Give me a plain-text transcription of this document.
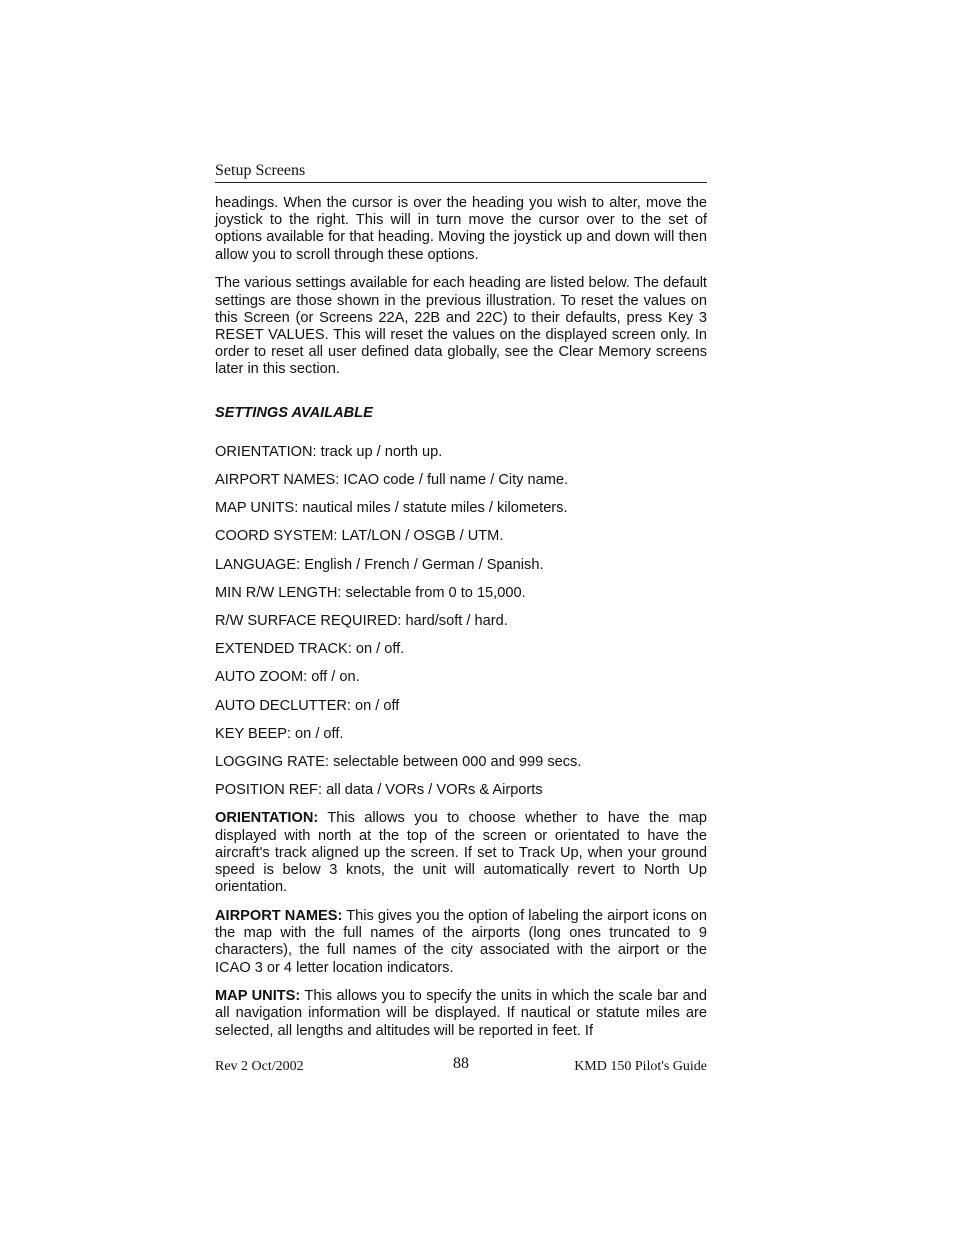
Setup Screens

headings. When the cursor is over the heading you wish to alter, move the joystick to the right. This will in turn move the cursor over to the set of options available for that heading. Moving the joystick up and down will then allow you to scroll through these options.

The various settings available for each heading are listed below. The default settings are those shown in the previous illustration. To reset the values on this Screen (or Screens 22A, 22B and 22C) to their defaults, press Key 3 RESET VALUES. This will reset the values on the displayed screen only. In order to reset all user defined data globally, see the Clear Memory screens later in this section.

SETTINGS AVAILABLE

ORIENTATION: track up / north up.

AIRPORT NAMES: ICAO code / full name / City name.

MAP UNITS: nautical miles / statute miles / kilometers.

COORD SYSTEM: LAT/LON / OSGB / UTM.

LANGUAGE: English / French / German / Spanish.

MIN R/W LENGTH: selectable from 0 to 15,000.

R/W SURFACE REQUIRED: hard/soft / hard.

EXTENDED TRACK: on / off.

AUTO ZOOM: off / on.

AUTO DECLUTTER: on / off

KEY BEEP: on / off.

LOGGING RATE: selectable between 000 and 999 secs.

POSITION REF: all data / VORs / VORs & Airports

ORIENTATION: This allows you to choose whether to have the map displayed with north at the top of the screen or orientated to have the aircraft's track aligned up the screen. If set to Track Up, when your ground speed is below 3 knots, the unit will automatically revert to North Up orientation.

AIRPORT NAMES: This gives you the option of labeling the airport icons on the map with the full names of the airports (long ones truncated to 9 characters), the full names of the city associated with the airport or the ICAO 3 or 4 letter location indicators.

MAP UNITS: This allows you to specify the units in which the scale bar and all navigation information will be displayed. If nautical or statute miles are selected, all lengths and altitudes will be reported in feet. If

Rev 2 Oct/2002	88	KMD 150 Pilot's Guide
